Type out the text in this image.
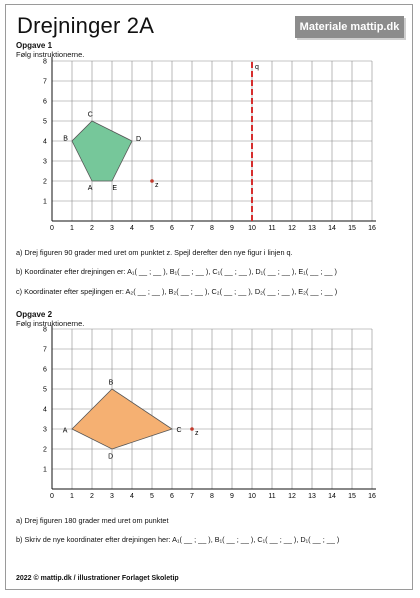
Drejninger 2A	Materiale mattip.dk
Opgave 1
Følg instruktionerne.
0 1 2 3 4 5 6 7 8 9 10 11 12 13 14 15 16
1
2
3
4
5
6
7
8
q
A
B
C
D
E	z
a) Drej figuren 90 grader med uret om punktet z. Spejl derefter den nye figur i linjen q.
b) Koordinater efter drejningen er: A₁( __ ; __ ), B₁( __ ; __ ), C₁( __ ; __ ), D₁( __ ; __ ), E₁( __ ; __ )
c) Koordinater efter spejlingen er: A₂( __ ; __ ), B₂( __ ; __ ), C₂( __ ; __ ), D₂( __ ; __ ), E₂( __ ; __ )
Opgave 2
Følg instruktionerne.
0 1 2 3 4 5 6 7 8 9 10 11 12 13 14 15 16
1
2
3
4
5
6
7
8
A
B
C
D
z
a) Drej figuren 180 grader med uret om punktet
b) Skriv de nye koordinater efter drejningen her: A₁( __ ; __ ), B₁( __ ; __ ), C₁( __ ; __ ), D₁( __ ; __ )
2022 © mattip.dk / illustrationer Forlaget Skoletip
